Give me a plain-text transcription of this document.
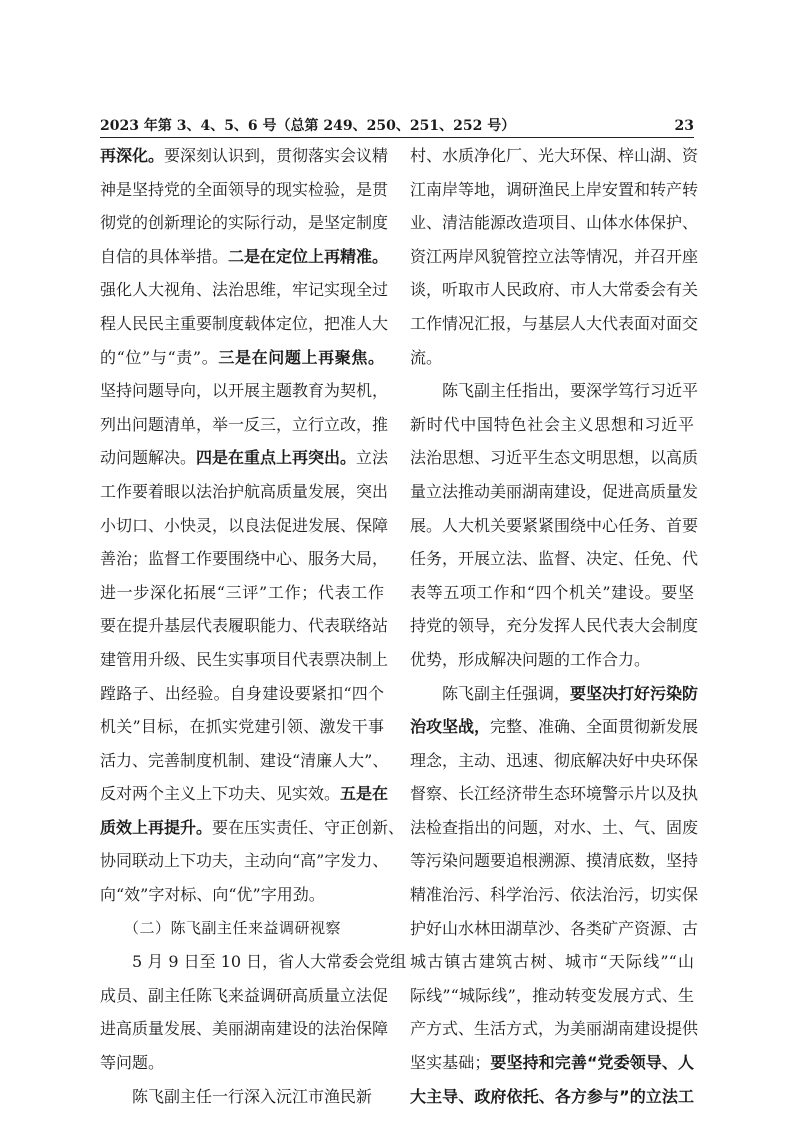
2023 年第 3、4、5、6 号（总第 249、250、251、252 号）	23
再深化。要深刻认识到，贯彻落实会议精
神是坚持党的全面领导的现实检验，是贯
彻党的创新理论的实际行动，是坚定制度
自信的具体举措。二是在定位上再精准。
强化人大视角、法治思维，牢记实现全过
程人民民主重要制度载体定位，把准人大
的“位”与“责”。三是在问题上再聚焦。
坚持问题导向，以开展主题教育为契机，
列出问题清单，举一反三，立行立改，推
动问题解决。四是在重点上再突出。立法
工作要着眼以法治护航高质量发展，突出
小切口、小快灵，以良法促进发展、保障
善治；监督工作要围绕中心、服务大局，
进一步深化拓展“三评”工作；代表工作
要在提升基层代表履职能力、代表联络站
建管用升级、民生实事项目代表票决制上
蹚路子、出经验。自身建设要紧扣“四个
机关”目标，在抓实党建引领、激发干事
活力、完善制度机制、建设“清廉人大”、
反对两个主义上下功夫、见实效。五是在
质效上再提升。要在压实责任、守正创新、
协同联动上下功夫，主动向“高”字发力、
向“效”字对标、向“优”字用劲。
（二）陈飞副主任来益调研视察
5 月 9 日至 10 日，省人大常委会党组
成员、副主任陈飞来益调研高质量立法促
进高质量发展、美丽湖南建设的法治保障
等问题。
陈飞副主任一行深入沅江市渔民新
村、水质净化厂、光大环保、梓山湖、资
江南岸等地，调研渔民上岸安置和转产转
业、清洁能源改造项目、山体水体保护、
资江两岸风貌管控立法等情况，并召开座
谈，听取市人民政府、市人大常委会有关
工作情况汇报，与基层人大代表面对面交
流。
陈飞副主任指出，要深学笃行习近平
新时代中国特色社会主义思想和习近平
法治思想、习近平生态文明思想，以高质
量立法推动美丽湖南建设，促进高质量发
展。人大机关要紧紧围绕中心任务、首要
任务，开展立法、监督、决定、任免、代
表等五项工作和“四个机关”建设。要坚
持党的领导，充分发挥人民代表大会制度
优势，形成解决问题的工作合力。
陈飞副主任强调，要坚决打好污染防
治攻坚战，完整、准确、全面贯彻新发展
理念，主动、迅速、彻底解决好中央环保
督察、长江经济带生态环境警示片以及执
法检查指出的问题，对水、土、气、固废
等污染问题要追根溯源、摸清底数，坚持
精准治污、科学治污、依法治污，切实保
护好山水林田湖草沙、各类矿产资源、古
城古镇古建筑古树、城市“天际线”“山
际线”“城际线”，推动转变发展方式、生
产方式、生活方式，为美丽湖南建设提供
坚实基础；要坚持和完善“党委领导、人
大主导、政府依托、各方参与”的立法工
